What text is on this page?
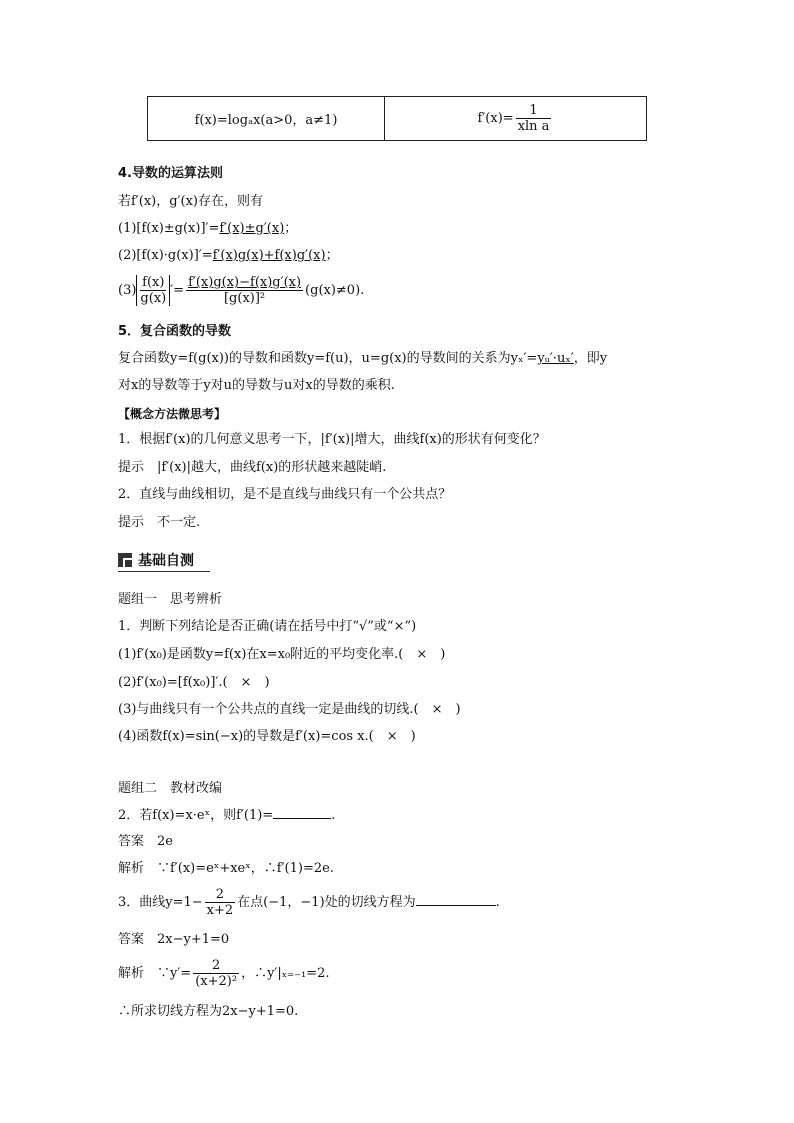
f(x)=logₐx(a>0，a≠1)	$f'(x)= \frac{1}{\text{xln a}}$
4.导数的运算法则
若f′(x)，g′(x)存在，则有
(1)[f(x)±g(x)]′=f′(x)±g′(x)；
(2)[f(x)·g(x)]′=f′(x)g(x)+f(x)g′(x)；
$(3) \frac{f(x)}{g(x)}$ ′= $\frac{f'(x)g(x)-f(x)g'(x)}{\text{[g(x)]²}} (g(x)\ne 0)$.
5．复合函数的导数
复合函数y=f(g(x))的导数和函数y=f(u)，u=g(x)的导数间的关系为yₓ′=yᵤ′·uₓ′，即y
对x的导数等于y对u的导数与u对x的导数的乘积.
【概念方法微思考】
1．根据f′(x)的几何意义思考一下，|f′(x)|增大，曲线f(x)的形状有何变化？
提示　|f′(x)|越大，曲线f(x)的形状越来越陡峭.
2．直线与曲线相切，是不是直线与曲线只有一个公共点？
提示　不一定.
基础自测
题组一　思考辨析
1．判断下列结论是否正确(请在括号中打“√”或“×”)
(1)f′(x₀)是函数y=f(x)在x=x₀附近的平均变化率.(　×　)
(2)f′(x₀)=[f(x₀)]′.(　×　)
(3)与曲线只有一个公共点的直线一定是曲线的切线.(　×　)
(4)函数f(x)=sin(−x)的导数是f′(x)=cos x.(　×　)
题组二　教材改编
2．若f(x)=x·eˣ，则f′(1)=	.
答案　2e
解析　∵f′(x)=eˣ+xeˣ，∴f′(1)=2e.
3．曲线$y=1- \frac{2}{x+2}$ 在点(−1，−1)处的切线方程为	.
答案　2x−y+1=0
解析　∵y′= $\frac{2}{\text{(x+2)²}}$ ，∴y′|ₓ₌₋₁=2.
∴所求切线方程为2x−y+1=0.
